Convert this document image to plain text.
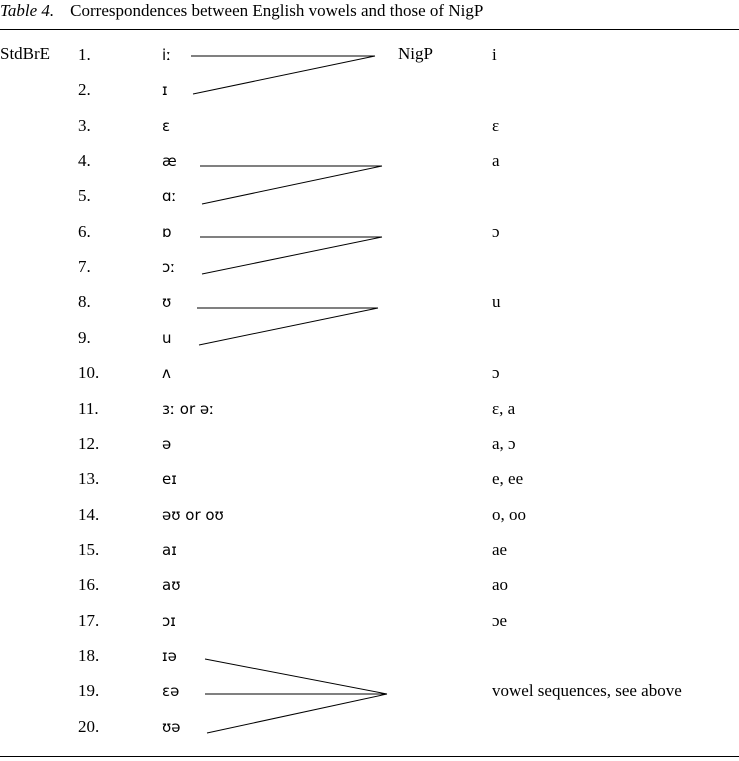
Table 4. Correspondences between English vowels and those of NigP
StdBrE	NigP
1.	iː	i
2.	ɪ
3.	ɛ	ɛ
4.	æ	a
5.	ɑː
6.	ɒ	ɔ
7.	ɔː
8.	ʊ	u
9.	u
10.	ʌ	ɔ
11.	ɜː or əː	ɛ, a
12.	ə	a, ɔ
13.	eɪ	e, ee
14.	əʊ or oʊ	o, oo
15.	aɪ	ae
16.	aʊ	ao
17.	ɔɪ	ɔe
18.	ɪə
19.	ɛə	vowel sequences, see above
20.	ʊə
